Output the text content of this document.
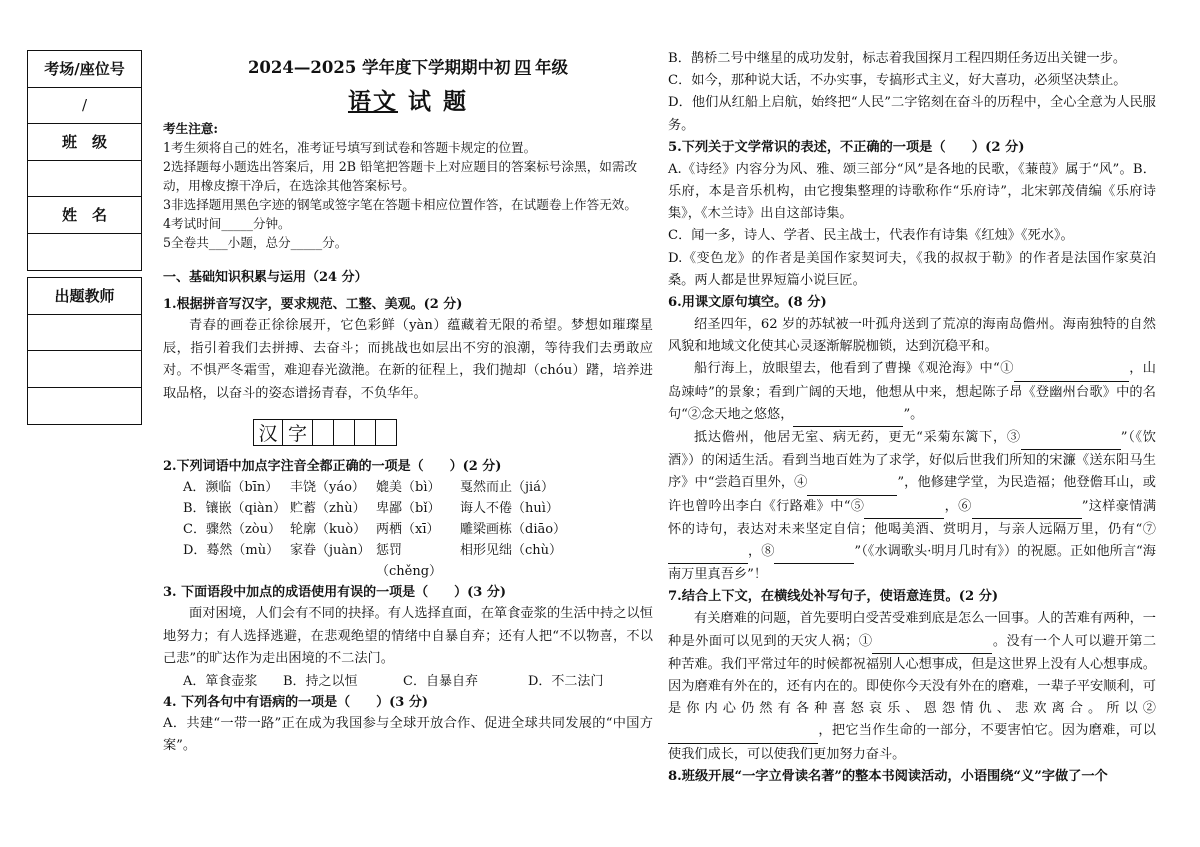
考场/座位号
/
班　级
姓　名
出题教师
2024—2025 学年度下学期期中初 四 年级
语文 试 题

考生注意:

1考生须将自己的姓名，准考证号填写到试卷和答题卡规定的位置。

2选择题每小题选出答案后，用 2B 铅笔把答题卡上对应题目的答案标号涂黑，如需改动，用橡皮擦干净后，在选涂其他答案标号。

3非选择题用黑色字迹的钢笔或签字笔在答题卡相应位置作答，在试题卷上作答无效。

4考试时间_____分钟。

5全卷共___小题，总分_____分。

一、基础知识积累与运用（24 分）

1.根据拼音写汉字，要求规范、工整、美观。(2 分)

青春的画卷正徐徐展开，它色彩鲜（yàn）蕴藏着无限的希望。梦想如璀璨星辰，指引着我们去拼搏、去奋斗；而挑战也如层出不穷的浪潮，等待我们去勇敢应对。不惧严冬霜雪，难迎春光潋滟。在新的征程上，我们抛却（chóu）躇，培养进取品格，以奋斗的姿态谱扬青春，不负华年。

汉 字

2.下列词语中加点字注音全都正确的一项是（　　）(2 分)

A．濒临（bīn） 丰饶（yáo） 媲美（bì）	戛然而止（jiá）
B．镶嵌（qiàn） 贮蓄（zhù） 卑鄙（bǐ）	诲人不倦（huì）
C．骤然（zòu） 轮廓（kuò） 两栖（xī）	雕梁画栋（diāo）
D．蓦然（mù） 家眷（juàn） 惩罚（chěng）
相形见绌（chù）

3. 下面语段中加点的成语使用有误的一项是（　　）(3 分)

面对困境，人们会有不同的抉择。有人选择直面，在箪食壶浆的生活中持之以恒地努力；有人选择逃避，在悲观绝望的情绪中自暴自弃；还有人把“不以物喜，不以己悲”的旷达作为走出困境的不二法门。

A．箪食壶浆	B．持之以恒	C．自暴自弃	D．不二法门

4. 下列各句中有语病的一项是（　　）(3 分)

A．共建“一带一路”正在成为我国参与全球开放合作、促进全球共同发展的“中国方案”。

B．鹊桥二号中继星的成功发射，标志着我国探月工程四期任务迈出关键一步。

C．如今，那种说大话，不办实事，专搞形式主义，好大喜功，必须坚决禁止。

D．他们从红船上启航，始终把“人民”二字铭刻在奋斗的历程中，全心全意为人民服务。

5.下列关于文学常识的表述，不正确的一项是（　　）(2 分)

A.《诗经》内容分为风、雅、颂三部分“风”是各地的民歌，《蒹葭》属于“风”。B．乐府，本是音乐机构，由它搜集整理的诗歌称作“乐府诗”，北宋郭茂倩编《乐府诗集》，《木兰诗》出自这部诗集。

C．闻一多，诗人、学者、民主战士，代表作有诗集《红烛》《死水》。

D.《变色龙》的作者是美国作家契诃夫，《我的叔叔于勒》的作者是法国作家莫泊桑。两人都是世界短篇小说巨匠。

6.用课文原句填空。(8 分)

绍圣四年，62 岁的苏轼被一叶孤舟送到了荒凉的海南岛儋州。海南独特的自然风貌和地域文化使其心灵逐渐解脱枷锁，达到沉稳平和。

船行海上，放眼望去，他看到了曹操《观沧海》中“①	，山岛竦峙”的景象；看到广阔的天地，他想从中来，想起陈子昂《登幽州台歌》中的名句“②念天地之悠悠，	”。

抵达儋州，他居无室、病无药，更无“采菊东篱下，③	”（《饮酒》）的闲适生活。看到当地百姓为了求学，好似后世我们所知的宋濂《送东阳马生序》中“尝趋百里外，④	”，他修建学堂，为民造福；他登儋耳山，或许也曾吟出李白《行路难》中“⑤	，⑥	”这样豪情满怀的诗句，表达对未来坚定自信；他喝美酒、赏明月，与亲人远隔万里，仍有“⑦ ，⑧	”（《水调歌头·明月几时有》）的祝愿。正如他所言“海南万里真吾乡”！

7.结合上下文，在横线处补写句子，使语意连贯。(2 分)

有关磨难的问题，首先要明白受苦受难到底是怎么一回事。人的苦难有两种，一种是外面可以见到的天灾人祸；①	。没有一个人可以避开第二种苦难。我们平常过年的时候都祝福别人心想事成，但是这世界上没有人心想事成。因为磨难有外在的，还有内在的。即使你今天没有外在的磨难，一辈子平安顺利，可是你内心仍然有各种喜怒哀乐、恩怨情仇、悲欢离合。所以② ，把它当作生命的一部分，不要害怕它。因为磨难，可以使我们成长，可以使我们更加努力奋斗。

8.班级开展“一字立骨读名著”的整本书阅读活动，小语围绕“义”字做了一个
